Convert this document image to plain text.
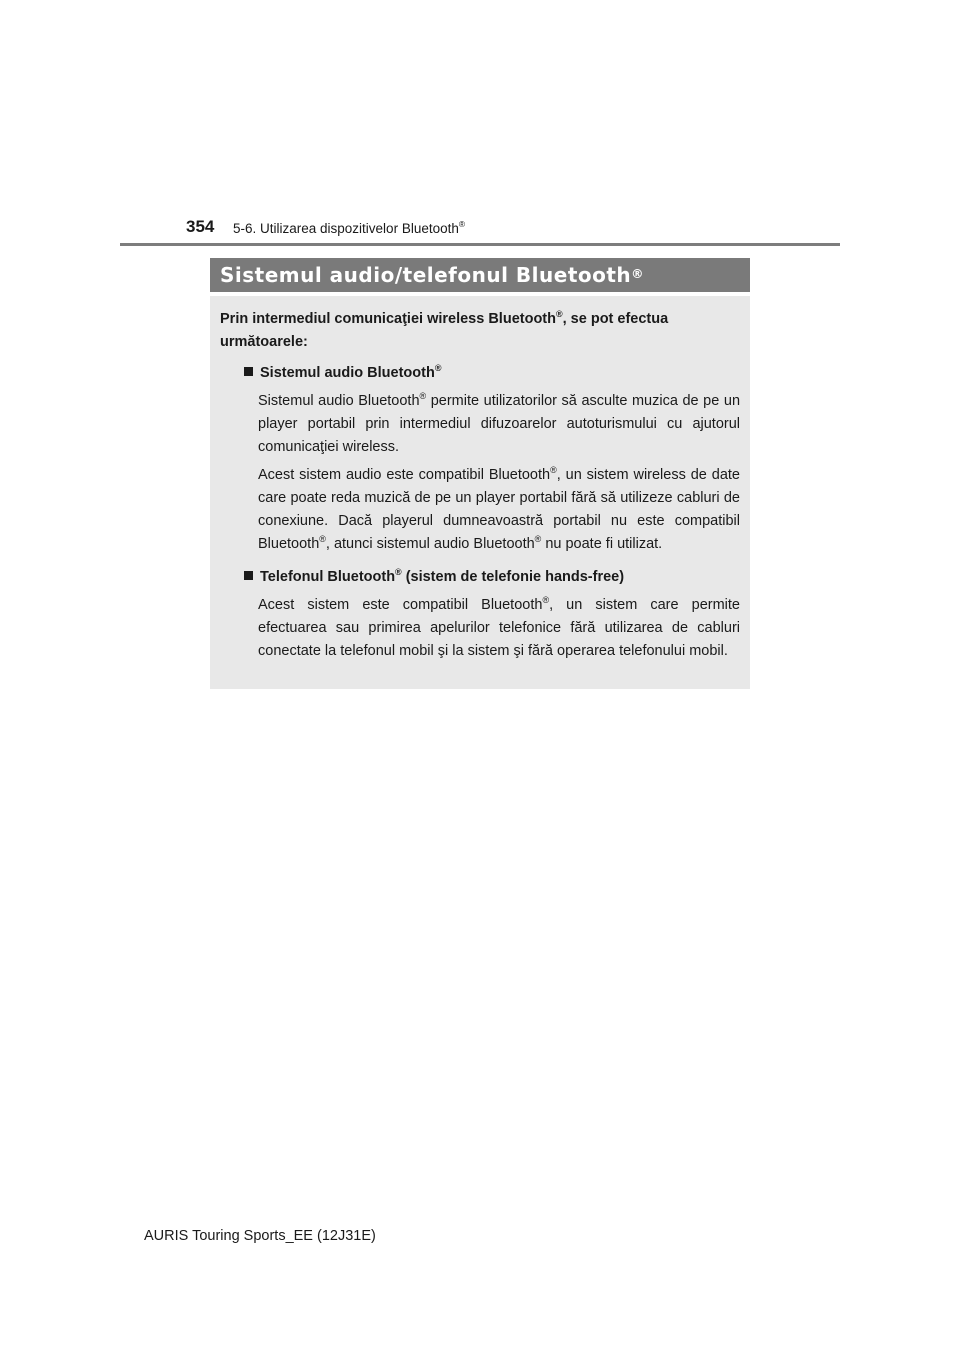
354 5-6. Utilizarea dispozitivelor Bluetooth®
Sistemul audio/telefonul Bluetooth®

Prin intermediul comunicaţiei wireless Bluetooth®, se pot efectua următoarele:

Sistemul audio Bluetooth®

Sistemul audio Bluetooth® permite utilizatorilor să asculte muzica de pe un player portabil prin intermediul difuzoarelor autoturismului cu ajutorul comunicaţiei wireless.

Acest sistem audio este compatibil Bluetooth®, un sistem wireless de date care poate reda muzică de pe un player portabil fără să utilizeze cabluri de conexiune. Dacă playerul dumneavoastră portabil nu este compatibil Bluetooth®, atunci sistemul audio Bluetooth® nu poate fi utilizat.

Telefonul Bluetooth® (sistem de telefonie hands-free)

Acest sistem este compatibil Bluetooth®, un sistem care permite efectuarea sau primirea apelurilor telefonice fără utilizarea de cabluri conectate la telefonul mobil şi la sistem şi fără operarea telefonului mobil.

AURIS Touring Sports_EE (12J31E)
